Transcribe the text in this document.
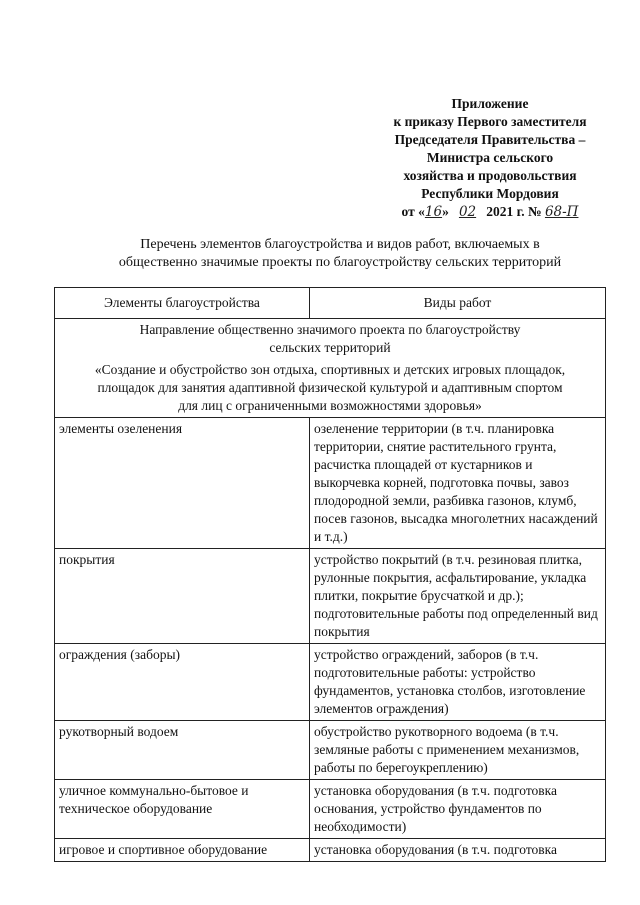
Приложение
к приказу Первого заместителя
Председателя Правительства –
Министра сельского
хозяйства и продовольствия
Республики Мордовия
от «16» 02 2021 г. № 68-П
Перечень элементов благоустройства и видов работ, включаемых в
общественно значимые проекты по благоустройству сельских территорий
Элементы благоустройства	Виды работ

Направление общественно значимого проекта по благоустройству
сельских территорий
«Создание и обустройство зон отдыха, спортивных и детских игровых площадок,
площадок для занятия адаптивной физической культурой и адаптивным спортом
для лиц с ограниченными возможностями здоровья»	

элементы озеленения	озеленение территории (в т.ч. планировка территории, снятие растительного грунта, расчистка площадей от кустарников и выкорчевка корней, подготовка почвы, завоз плодородной земли, разбивка газонов, клумб, посев газонов, высадка многолетних насаждений и т.д.)
покрытия	устройство покрытий (в т.ч. резиновая плитка, рулонные покрытия, асфальтирование, укладка плитки, покрытие брусчаткой и др.); подготовительные работы под определенный вид покрытия
ограждения (заборы)	устройство ограждений, заборов (в т.ч. подготовительные работы: устройство фундаментов, установка столбов, изготовление элементов ограждения)
рукотворный водоем	обустройство рукотворного водоема (в т.ч. земляные работы с применением механизмов, работы по берегоукреплению)
уличное коммунально-бытовое и техническое оборудование	установка оборудования (в т.ч. подготовка основания, устройство фундаментов по необходимости)
игровое и спортивное оборудование	установка оборудования (в т.ч. подготовка
